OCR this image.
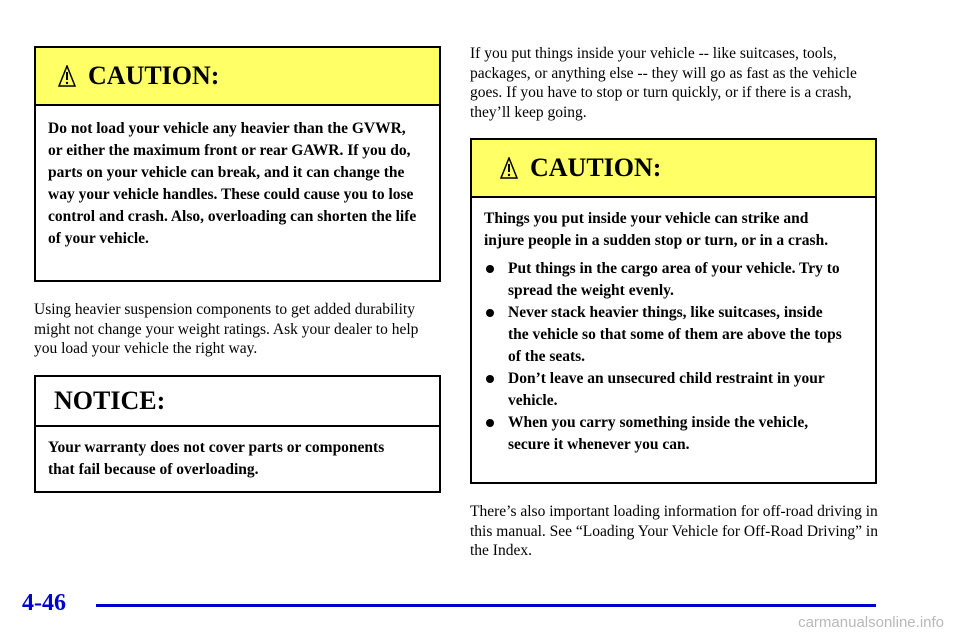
CAUTION:

Do not load your vehicle any heavier than the GVWR, or either the maximum front or rear GAWR. If you do, parts on your vehicle can break, and it can change the way your vehicle handles. These could cause you to lose control and crash. Also, overloading can shorten the life of your vehicle.

Using heavier suspension components to get added durability might not change your weight ratings. Ask your dealer to help you load your vehicle the right way.

NOTICE:

Your warranty does not cover parts or components that fail because of overloading.

If you put things inside your vehicle -- like suitcases, tools, packages, or anything else -- they will go as fast as the vehicle goes. If you have to stop or turn quickly, or if there is a crash, they’ll keep going.

CAUTION:

Things you put inside your vehicle can strike and injure people in a sudden stop or turn, or in a crash.

Put things in the cargo area of your vehicle. Try to spread the weight evenly.
Never stack heavier things, like suitcases, inside the vehicle so that some of them are above the tops of the seats.
Don’t leave an unsecured child restraint in your vehicle.
When you carry something inside the vehicle, secure it whenever you can.

There’s also important loading information for off-road driving in this manual. See “Loading Your Vehicle for Off-Road Driving” in the Index.

4-46
carmanualsonline.info
